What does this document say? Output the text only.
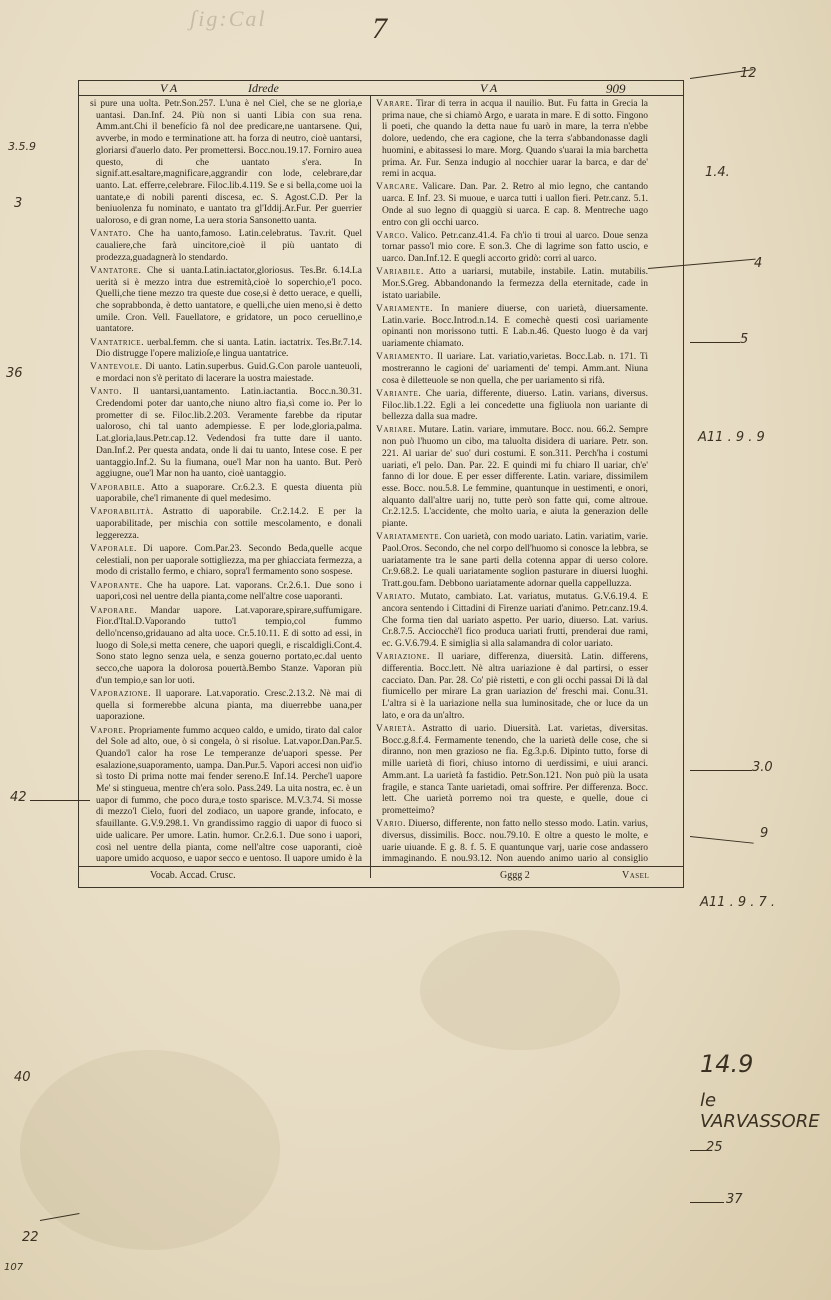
ʃig:Cal	7
V A	Idrede	V A	909

si pure una uolta. Petr.Son.257. L'una è nel Ciel, che se ne gloria,e uantasi. Dan.Inf. 24. Più non si uanti Libia con sua rena. Amm.ant.Chi il benefício fà nol dee predicare,ne uantarsene. Qui, avverbe, in modo e terminatione att. ha forza di neutro, cioè uantarsi, gloriarsi d'auerlo dato. Per promettersi. Bocc.nou.19.17. Forniro auea questo, di che uantato s'era. In signif.att.esaltare,magnificare,aggrandir con lode, celebrare,dar uanto. Lat. efferre,celebrare. Filoc.lib.4.119. Se e si bella,come uoi la uantate,e di nobili parenti discesa, ec. S. Agost.C.D. Per la beniuolenza fu nominato, e uantato tra gl'Iddij.Ar.Fur. Per guerrier ualorosо, e di gran nome, La uera storia Sansonetto uanta.

Vantato. Che ha uanto,famoso. Latin.celebratus. Tav.rit. Quel caualiere,che farà uincitore,cioè il più uantato di prodezza,guadagnerà lo stendardo.

Vantatore. Che si uanta.Latin.iactator,gloriosus. Tes.Br. 6.14.La uerità si è mezzo intra due estremità,cioè lo soperchio,e'l poco. Quelli,che tiene mezzo tra queste due cose,si è detto uerace, e quelli, che soprabbonda, è detto uantatore, e quelli,che uien meno,si è detto umile. Cron. Vell. Fauellatore, e gridatore, un poco ceruellino,e uantatore.

Vantatrice. uerbal.femm. che si uanta. Latin. iactatrix. Tes.Br.7.14. Dio distrugge l'opere malizioſe,e lingua uantatrice.

Vantevole. Di uanto. Latin.superbus. Guid.G.Con parole uanteuoli, e mordaci non s'è peritato di lacerare la uostra maiestade.

Vanto. Il uantarsi,uantamento. Latin.iactantia. Bocc.n.30.31. Credendomi poter dar uanto,che niuno altro fia,sì come io. Per lo prometter di se. Filoc.lib.2.203. Veramente farebbe da riputar ualoroso, chi tal uanto adempiesse. E per lode,gloria,palma. Lat.gloria,laus.Petr.cap.12. Vedendosi fra tutte dare il uanto. Dan.Inf.2. Per questa andata, onde li dai tu uanto, Intese cose. E per uantaggio.Inf.2. Su la fiumana, oue'l Mar non ha uanto. But. Però aggiugne, oue'l Mar non ha uanto, cioè uantaggio.

Vaporabile. Atto a suaporare. Cr.6.2.3. E questa diuenta più uaporabile, che'l rimanente di quel medesimo.

Vaporabilità. Astratto di uaporabile. Cr.2.14.2. E per la uaporabilitade, per mischia con sottile mescolamento, e donali leggerezza.

Vaporale. Di uapore. Com.Par.23. Secondo Beda,quelle acque celestiali, non per uaporale sottigliezza, ma per ghiacciata fermezza, a modo di cristallo fermo, e chiaro, sopra'l fermamento sono sospese.

Vaporante. Che ha uapore. Lat. vaporans. Cr.2.6.1. Due sono i uapori,così nel uentre della pianta,come nell'altre cose uaporanti.

Vaporare. Mandar uapore. Lat.vaporare,spirare,suffumigare. Fior.d'Ital.D.Vaporando tutto'l tempio,col fummo dello'ncenso,gridauano ad alta uoce. Cr.5.10.11. E di sotto ad essi, in luogo di Sole,si metta cenere, che uapori quegli, e riscaldigli.Cont.4. Sono stato legno senza uela, e senza gouerno portato,ec.dal uento secco,che uapora la dolorosa pouertà.Bembo Stanze. Vaporan più d'un tempio,e san lor uoti.

Vaporazione. Il uaporare. Lat.vaporatio. Cresc.2.13.2. Nè mai di quella si formerebbe alcuna pianta, ma diuerrebbe uana,per uaporazione.

Vapore. Propriamente fummo acqueo caldo, e umido, tirato dal calor del Sole ad alto, oue, ò si congela, ò si risolue. Lat.vapor.Dan.Par.5. Quando'l calor ha rose Le temperanze de'uapori spesse. Per esalazione,suaporamento, uampa. Dan.Pur.5. Vapori accesi non uid'io sì tosto Di prima notte mai fender sereno.E Inf.14. Perche'l uapore Me' si stingueua, mentre ch'era solo. Pass.249. La uita nostra, ec. è un uapor di fummo, che poco dura,e tosto sparisce. M.V.3.74. Si mosse di mezzo'l Cielo, fuori del zodiaco, un uapore grande, infocato, e sfauillante. G.V.9.298.1. Vn grandissimo raggio di uapor di fuoco si uide ualicare. Per umore. Latin. humor. Cr.2.6.1. Due sono i uapori, così nel uentre della pianta, come nell'altre cose uaporanti, cioè uapore umido acquoso, e uapor secco e uentoso. Il uapore umido è la

Varare. Tirar di terra in acqua il nauilio. But. Fu fatta in Grecia la prima naue, che si chiamò Argo, e uarata in mare. E di sotto. Fingono li poeti, che quando la detta naue fu uarò in mare, la terra n'ebbe dolore, uedendo, che era cagione, che la terra s'abbandonasse dagli huomini, e abitassesi lo mare. Morg. Quando s'uarai la mia barchetta prima. Ar. Fur. Senza indugio al nocchier uarar la barca, e dar de' remi in acqua.

Varcare. Valicare. Dan. Par. 2. Retro al mio legno, che cantando uarca. E Inf. 23. Si muoue, e uarca tutti i uallon fieri. Petr.canz. 5.1. Onde al suo legno di quaggiù si uarca. E cap. 8. Mentreche uago entro con gli occhi uarco.

Varco. Valico. Petr.canz.41.4. Fa ch'io ti troui al uarco. Doue senza tornar passo'l mio core. E son.3. Che di lagrime son fatto uscio, e uarco. Dan.Inf.12. E quegli accorto gridò: corri al uarco.

Variabile. Atto a uariarsi, mutabile, instabile. Latin. mutabilis. Mor.S.Greg. Abbandonando la fermezza della eternitade, cade in istato uariabile.

Variamente. In maniere diuerse, con uarietà, diuersamente. Latin.varie. Bocc.Introd.n.14. E comechè questi così uariamente opinanti non morissono tutti. E Lab.n.46. Questo luogo è da varj uariamente chiamato.

Variamento. Il uariare. Lat. variatio,varietas. Bocc.Lab. n. 171. Ti mostreranno le cagioni de' uariamenti de' tempi. Amm.ant. Niuna cosa è diletteuole se non quella, che per uariamento si rifà.

Variante. Che uaria, differente, diuerso. Latin. varians, diversus. Filoc.lib.1.22. Egli a lei concedette una figliuola non uariante di bellezza dalla sua madre.

Variare. Mutare. Latin. variare, immutare. Bocc. nou. 66.2. Sempre non può l'huomo un cibo, ma taluolta disidera di uariare. Petr. son. 221. Al uariar de' suo' duri costumi. E son.311. Perch'ha i costumi uariati, e'l pelo. Dan. Par. 22. E quindi mi fu chiaro Il uariar, ch'e' fanno di lor doue. E per esser differente. Latin. variare, dissimilem esse. Bocc. nou.5.8. Le femmine, quantunque in uestimenti, e onori, alquanto dall'altre uarij no, tutte però son fatte qui, come altroue. Cr.2.12.5. L'accidente, che molto uaria, e aiuta la generazion delle piante.

Variatamente. Con uarietà, con modo uariato. Latin. variatim, varie. Paol.Oros. Secondo, che nel corpo dell'huomo si conosce la lebbra, se uariatamente tra le sane parti della cotenna appar di uerso colore. Cr.9.68.2. Le quali uariatamente soglion pasturare in diuersi luoghi. Tratt.gou.fam. Debbono uariatamente adornar quella cappelluzza.

Variato. Mutato, cambiato. Lat. variatus, mutatus. G.V.6.19.4. E ancora sentendo i Cittadini di Firenze uariati d'animo. Petr.canz.19.4. Che forma tien dal uariato aspetto. Per uario, diuerso. Lat. varius. Cr.8.7.5. Acciocchè'l fico produca uariati frutti, prenderai due rami, ec. G.V.6.79.4. E simiglia sì alla salamandra di color uariato.

Variazione. Il uariare, differenza, diuersità. Latin. differens, differentia. Bocc.lett. Nè altra uariazione è dal partirsi, o esser cacciato. Dan. Par. 28. Co' piè ristetti, e con gli occhi passai Di là dal fiumicello per mirare La gran uariazion de' freschi mai. Conu.31. L'altra si è la uariazione nella sua luminositade, che or luce da un lato, e ora da un'altro.

Varietà. Astratto di uario. Diuersità. Lat. varietas, diversitas. Bocc.g.8.f.4. Fermamente tenendo, che la uarietà delle cose, che si diranno, non men graziosо ne fia. Eg.3.p.6. Dipinto tutto, forse di mille uarietà di fiori, chiuso intorno di uerdissimi, e uiui aranci. Amm.ant. La uarietà fa fastidio. Petr.Son.121. Non può più la usata fragile, e stanca Tante uarietadi, omai soffrire. Per differenza. Bocc. lett. Che uarietà porremo noi tra queste, e quelle, doue ci prometteimo?

Vario. Diuerso, differente, non fatto nello stesso modo. Latin. varius, diversus, dissimilis. Bocc. nou.79.10. E oltre a questo le molte, e uarie uiuande. E g. 8. f. 5. E quantunque varj, uarie cose andassero immaginando. E nou.93.12. Non auendo animo uario al consiglio

Vocab. Accad. Crusc.	Gggg 2	Vasel
12
1.4.
4
5
A11 . 9 . 9
3.0
9
A11 . 9 . 7 .
14.9
le VARVASSORE
25
37
22
3.5.9
3
36
42
40
107
